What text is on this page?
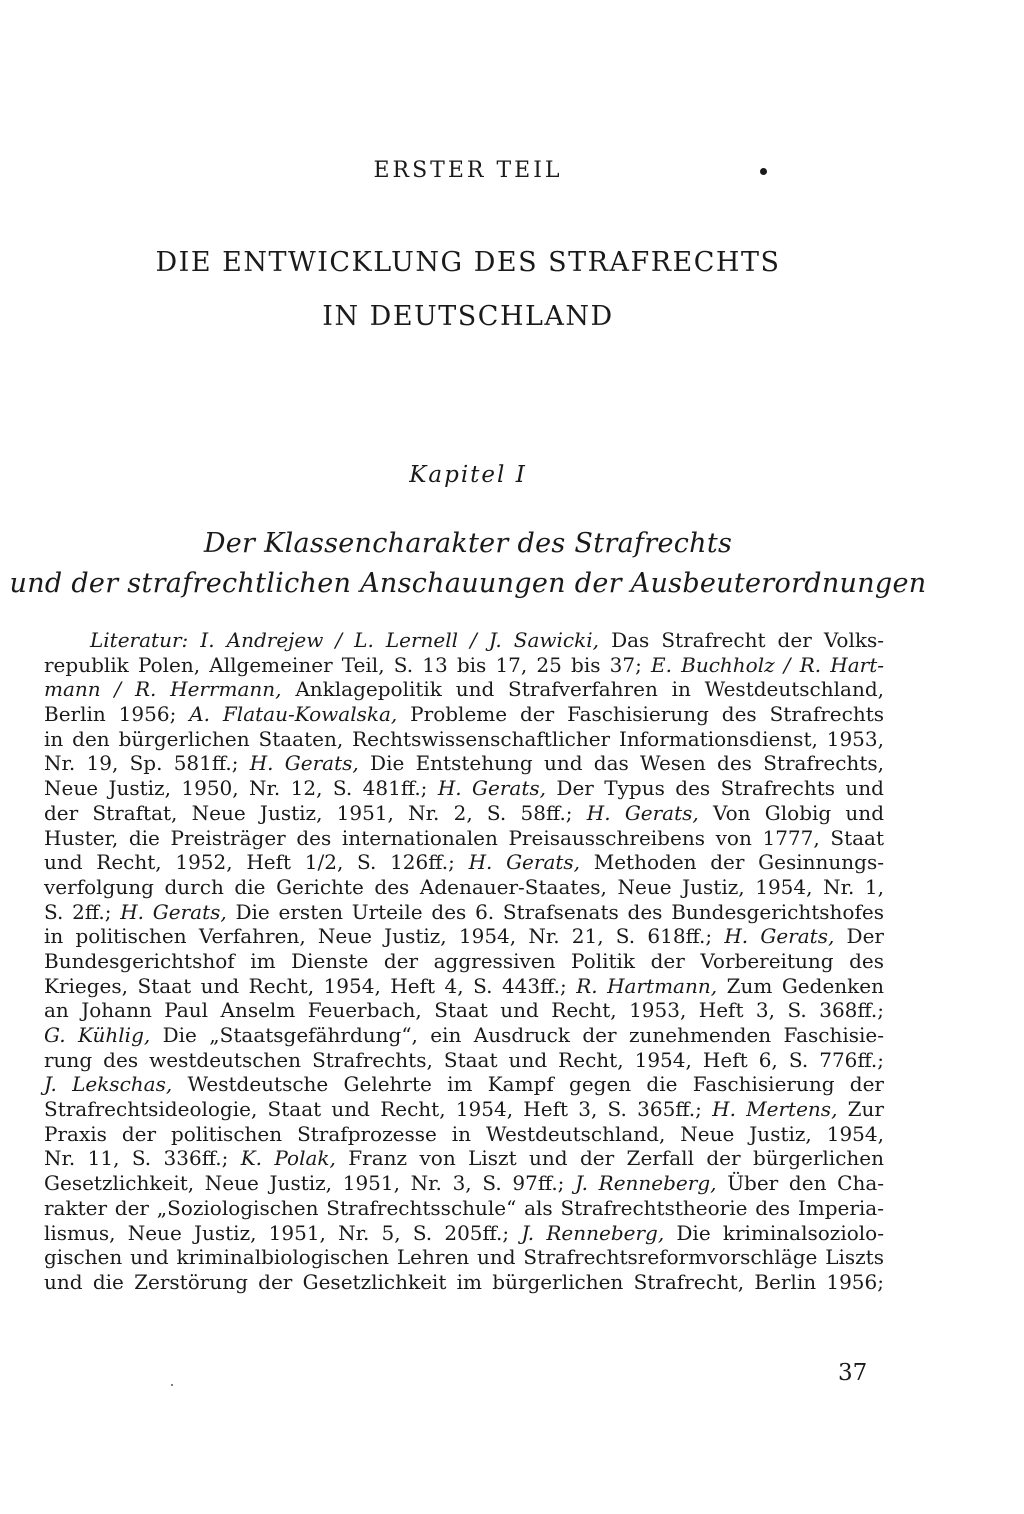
ERSTER TEIL
DIE ENTWICKLUNG DES STRAFRECHTS
IN DEUTSCHLAND
Kapitel I
Der Klassencharakter des Strafrechts
und der strafrechtlichen Anschauungen der Ausbeuterordnungen
Literatur: I. Andrejew / L. Lernell / J. Sawicki, Das Strafrecht der Volks-
republik Polen, Allgemeiner Teil, S. 13 bis 17, 25 bis 37; E. Buchholz / R. Hart-
mann / R. Herrmann, Anklagepolitik und Strafverfahren in Westdeutschland,
Berlin 1956; A. Flatau-Kowalska, Probleme der Faschisierung des Strafrechts
in den bürgerlichen Staaten, Rechtswissenschaftlicher Informationsdienst, 1953,
Nr. 19, Sp. 581ff.; H. Gerats, Die Entstehung und das Wesen des Strafrechts,
Neue Justiz, 1950, Nr. 12, S. 481ff.; H. Gerats, Der Typus des Strafrechts und
der Straftat, Neue Justiz, 1951, Nr. 2, S. 58ff.; H. Gerats, Von Globig und
Huster, die Preisträger des internationalen Preisausschreibens von 1777, Staat
und Recht, 1952, Heft 1/2, S. 126ff.; H. Gerats, Methoden der Gesinnungs-
verfolgung durch die Gerichte des Adenauer-Staates, Neue Justiz, 1954, Nr. 1,
S. 2ff.; H. Gerats, Die ersten Urteile des 6. Strafsenats des Bundesgerichtshofes
in politischen Verfahren, Neue Justiz, 1954, Nr. 21, S. 618ff.; H. Gerats, Der
Bundesgerichtshof im Dienste der aggressiven Politik der Vorbereitung des
Krieges, Staat und Recht, 1954, Heft 4, S. 443ff.; R. Hartmann, Zum Gedenken
an Johann Paul Anselm Feuerbach, Staat und Recht, 1953, Heft 3, S. 368ff.;
G. Kühlig, Die „Staatsgefährdung“, ein Ausdruck der zunehmenden Faschisie-
rung des westdeutschen Strafrechts, Staat und Recht, 1954, Heft 6, S. 776ff.;
J. Lekschas, Westdeutsche Gelehrte im Kampf gegen die Faschisierung der
Strafrechtsideologie, Staat und Recht, 1954, Heft 3, S. 365ff.; H. Mertens, Zur
Praxis der politischen Strafprozesse in Westdeutschland, Neue Justiz, 1954,
Nr. 11, S. 336ff.; K. Polak, Franz von Liszt und der Zerfall der bürgerlichen
Gesetzlichkeit, Neue Justiz, 1951, Nr. 3, S. 97ff.; J. Renneberg, Über den Cha-
rakter der „Soziologischen Strafrechtsschule“ als Strafrechtstheorie des Imperia-
lismus, Neue Justiz, 1951, Nr. 5, S. 205ff.; J. Renneberg, Die kriminalsoziolo-
gischen und kriminalbiologischen Lehren und Strafrechtsreformvorschläge Liszts
und die Zerstörung der Gesetzlichkeit im bürgerlichen Strafrecht, Berlin 1956;
37
